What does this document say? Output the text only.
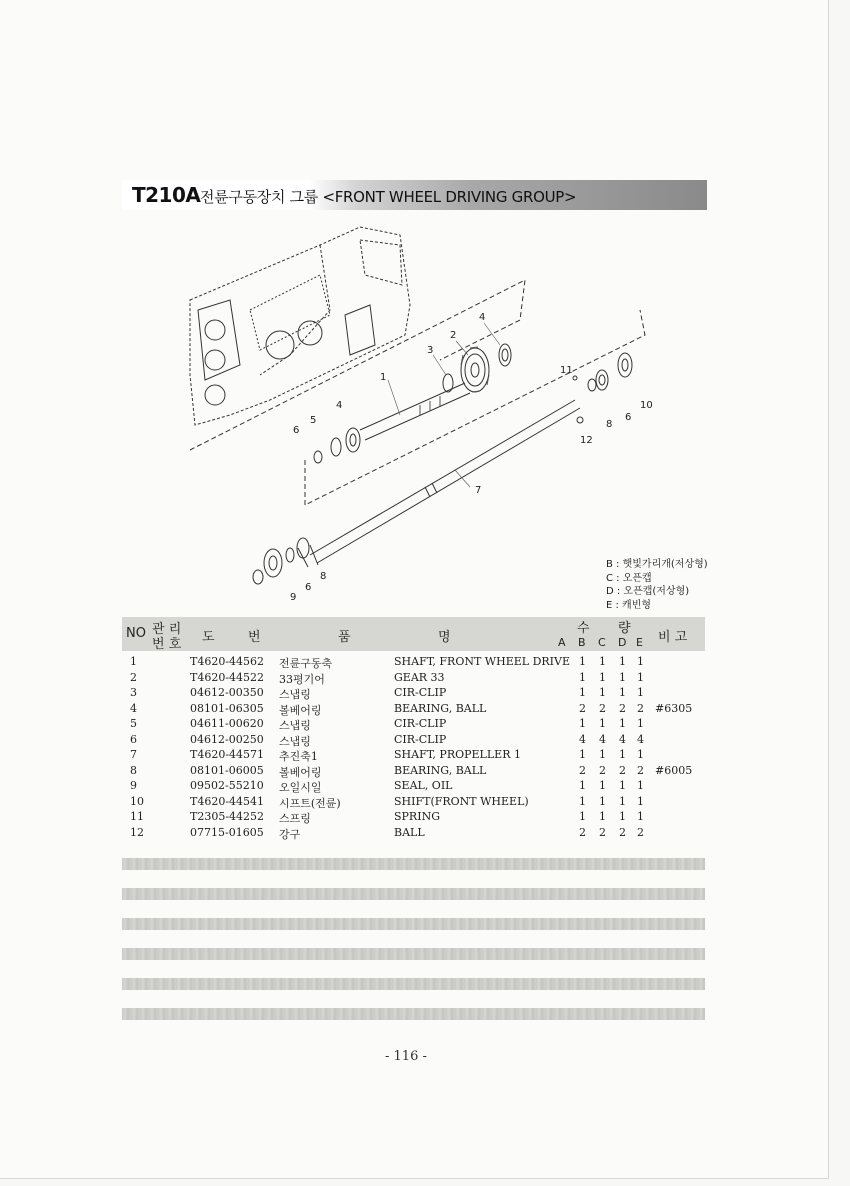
T210A 전륜구동장치 그룹 <FRONT WHEEL DRIVING GROUP>
1
2
3
4
4
5
6
6
6
7
8
8
9
10
11
12
B : 햇빛가리개(저상형)
C : 오픈캡
D : 오픈캡(저상형)
E : 캐빈형
NO 관 리
번 호 도	번	품	명
수 량
A B C D E 비 고
1	T4620-44562 전륜구동축	SHAFT, FRONT WHEEL DRIVE 1 1 1 1
2	T4620-44522 33평기어	GEAR 33	1 1 1 1
3	04612-00350 스냅링	CIR-CLIP	1 1 1 1
4	08101-06305 볼베어링	BEARING, BALL	2 2 2 2 #6305
5	04611-00620 스냅링	CIR-CLIP	1 1 1 1
6	04612-00250 스냅링	CIR-CLIP	4 4 4 4
7	T4620-44571 추진축1	SHAFT, PROPELLER 1	1 1 1 1
8	08101-06005 볼베어링	BEARING, BALL	2 2 2 2 #6005
9	09502-55210 오일시일	SEAL, OIL	1 1 1 1
10	T4620-44541 시프트(전륜)	SHIFT(FRONT WHEEL)	1 1 1 1
11	T2305-44252 스프링	SPRING	1 1 1 1
12	07715-01605 강구	BALL	2 2 2 2
- 116 -
